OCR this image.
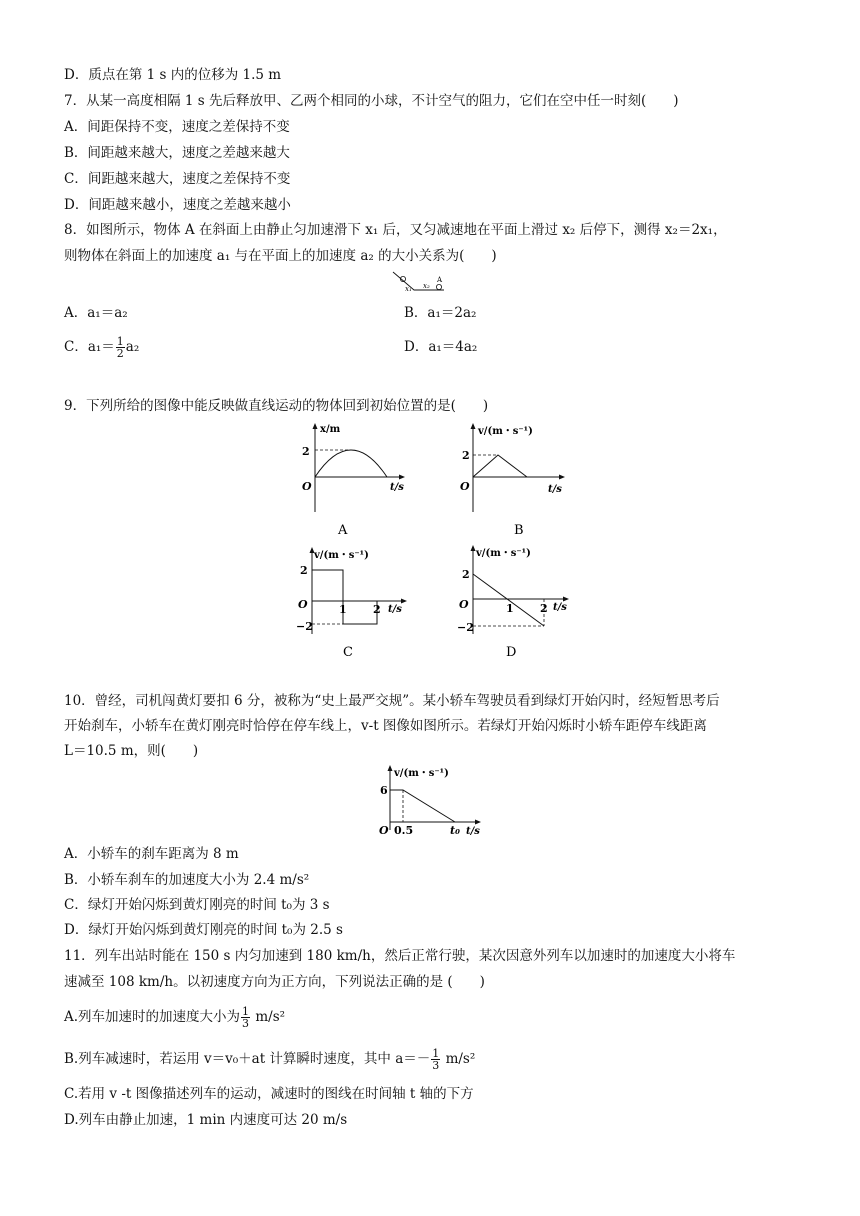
D．质点在第 1 s 内的位移为 1.5 m
7．从某一高度相隔 1 s 先后释放甲、乙两个相同的小球，不计空气的阻力，它们在空中任一时刻(　　)
A．间距保持不变，速度之差保持不变
B．间距越来越大，速度之差越来越大
C．间距越来越大，速度之差保持不变
D．间距越来越小，速度之差越来越小
8．如图所示，物体 A 在斜面上由静止匀加速滑下 x₁ 后，又匀减速地在平面上滑过 x₂ 后停下，测得 x₂＝2x₁，
则物体在斜面上的加速度 a₁ 与在平面上的加速度 a₂ 的大小关系为(　　)
x₁ x₂
A
A．a₁＝a₂	B．a₁＝2a₂
C．$a_1= \frac{1}{2} a_2$	D．a₁＝4a₂
9．下列所给的图像中能反映做直线运动的物体回到初始位置的是(　　)
x/m
2
O	t/s
A
v/(m・s⁻¹)
2
O	t/s
B
v/(m・s⁻¹)
2
O
−2
1 2 t/s
C
v/(m・s⁻¹)
2
O
−2
1 2 t/s
D
10．曾经，司机闯黄灯要扣 6 分，被称为“史上最严交规”。某小轿车驾驶员看到绿灯开始闪时，经短暂思考后
开始刹车，小轿车在黄灯刚亮时恰停在停车线上，v-t 图像如图所示。若绿灯开始闪烁时小轿车距停车线距离
L＝10.5 m，则(　　)
v/(m・s⁻¹)
6
O 0.5	t₀ t/s
A．小轿车的刹车距离为 8 m
B．小轿车刹车的加速度大小为 2.4 m/s²
C．绿灯开始闪烁到黄灯刚亮的时间 t₀为 3 s
D．绿灯开始闪烁到黄灯刚亮的时间 t₀为 2.5 s
11．列车出站时能在 150 s 内匀加速到 180 km/h，然后正常行驶，某次因意外列车以加速时的加速度大小将车
速减至 108 km/h。以初速度方向为正方向，下列说法正确的是 (　　)
A.列车加速时的加速度大小为 $\frac{1}{3} m/s^2$
B.列车减速时，若运用 v＝v₀＋at 计算瞬时速度，其中 $a=- \frac{1}{3} m/s^2$
C.若用 v -t 图像描述列车的运动，减速时的图线在时间轴 t 轴的下方
D.列车由静止加速，1 min 内速度可达 20 m/s
